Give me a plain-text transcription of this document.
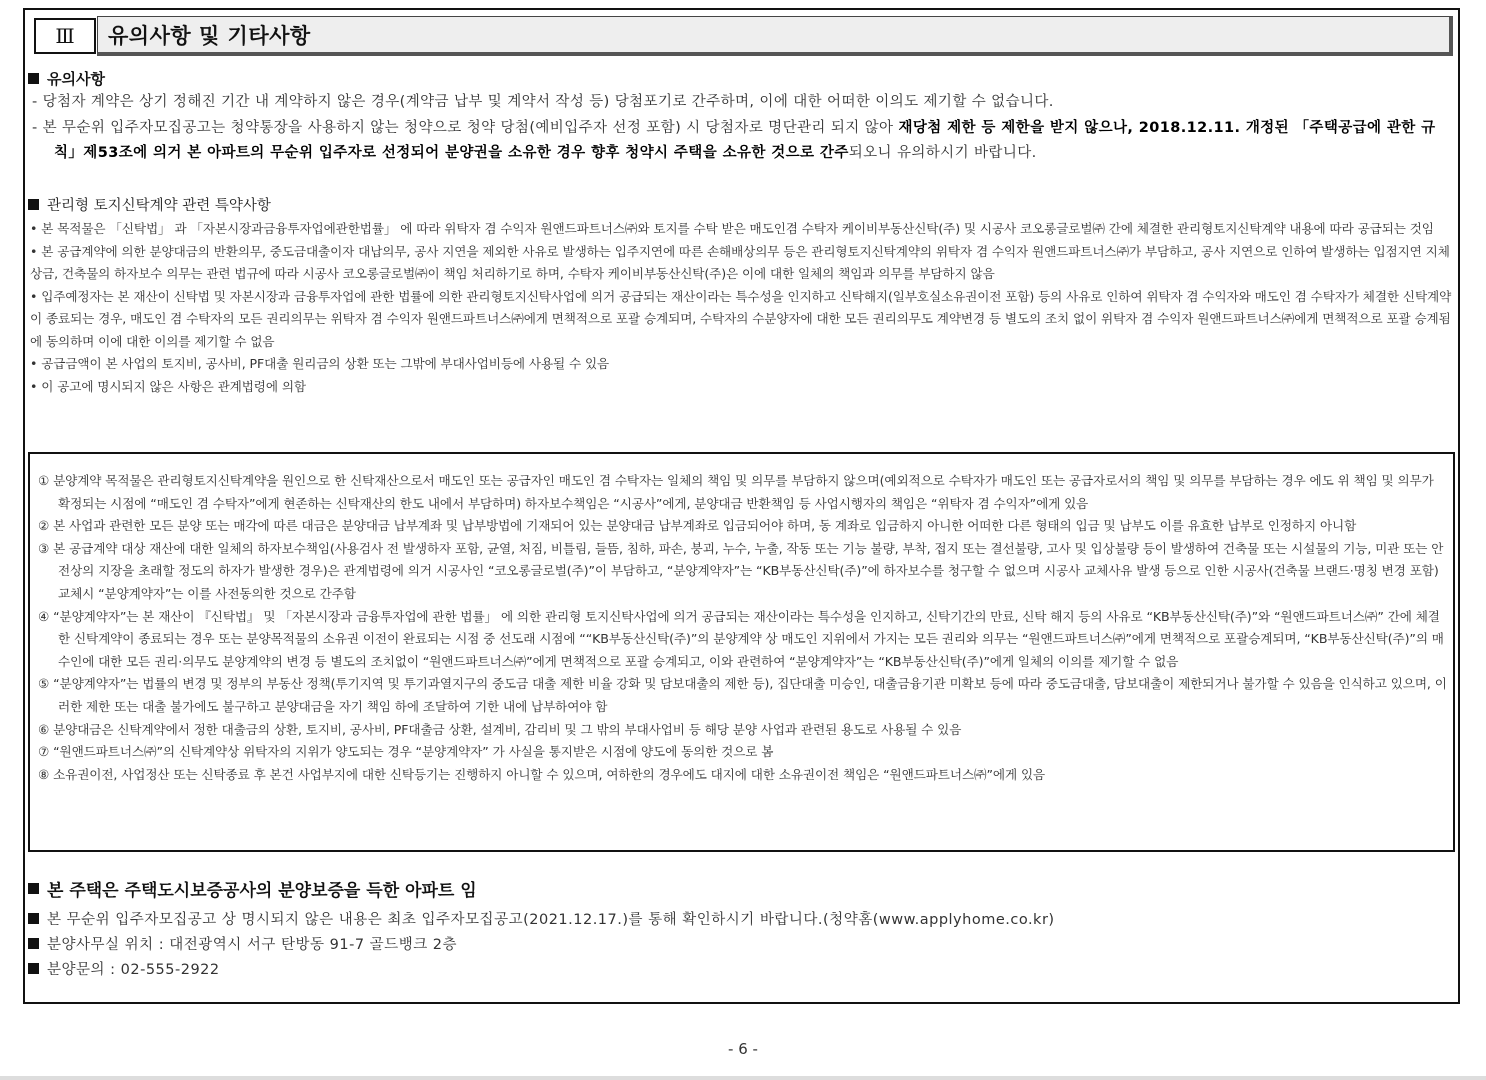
Ⅲ	유의사항 및 기타사항
유의사항
- 당첨자 계약은 상기 정해진 기간 내 계약하지 않은 경우(계약금 납부 및 계약서 작성 등) 당첨포기로 간주하며, 이에 대한 어떠한 이의도 제기할 수 없습니다.
- 본 무순위 입주자모집공고는 청약통장을 사용하지 않는 청약으로 청약 당첨(예비입주자 선정 포함) 시 당첨자로 명단관리 되지 않아 재당첨 제한 등 제한을 받지 않으나, 2018.12.11. 개정된 「주택공급에 관한 규칙」제53조에 의거 본 아파트의 무순위 입주자로 선정되어 분양권을 소유한 경우 향후 청약시 주택을 소유한 것으로 간주되오니 유의하시기 바랍니다.
관리형 토지신탁계약 관련 특약사항
• 본 목적물은 「신탁법」 과 「자본시장과금융투자업에관한법률」 에 따라 위탁자 겸 수익자 원앤드파트너스㈜와 토지를 수탁 받은 매도인겸 수탁자 케이비부동산신탁(주) 및 시공사 코오롱글로벌㈜ 간에 체결한 관리형토지신탁계약 내용에 따라 공급되는 것임
• 본 공급계약에 의한 분양대금의 반환의무, 중도금대출이자 대납의무, 공사 지연을 제외한 사유로 발생하는 입주지연에 따른 손해배상의무 등은 관리형토지신탁계약의 위탁자 겸 수익자 원앤드파트너스㈜가 부담하고, 공사 지연으로 인하여 발생하는 입점지연 지체상금, 건축물의 하자보수 의무는 관련 법규에 따라 시공사 코오롱글로벌㈜이 책임 처리하기로 하며, 수탁자 케이비부동산신탁(주)은 이에 대한 일체의 책임과 의무를 부담하지 않음
• 입주예정자는 본 재산이 신탁법 및 자본시장과 금융투자업에 관한 법률에 의한 관리형토지신탁사업에 의거 공급되는 재산이라는 특수성을 인지하고 신탁해지(일부호실소유권이전 포함) 등의 사유로 인하여 위탁자 겸 수익자와 매도인 겸 수탁자가 체결한 신탁계약이 종료되는 경우, 매도인 겸 수탁자의 모든 권리의무는 위탁자 겸 수익자 원앤드파트너스㈜에게 면책적으로 포괄 승계되며, 수탁자의 수분양자에 대한 모든 권리의무도 계약변경 등 별도의 조치 없이 위탁자 겸 수익자 원앤드파트너스㈜에게 면책적으로 포괄 승계됨에 동의하며 이에 대한 이의를 제기할 수 없음
• 공급금액이 본 사업의 토지비, 공사비, PF대출 원리금의 상환 또는 그밖에 부대사업비등에 사용될 수 있음
• 이 공고에 명시되지 않은 사항은 관계법령에 의함
① 분양계약 목적물은 관리형토지신탁계약을 원인으로 한 신탁재산으로서 매도인 또는 공급자인 매도인 겸 수탁자는 일체의 책임 및 의무를 부담하지 않으며(예외적으로 수탁자가 매도인 또는 공급자로서의 책임 및 의무를 부담하는 경우 에도 위 책임 및 의무가 확정되는 시점에 “매도인 겸 수탁자”에게 현존하는 신탁재산의 한도 내에서 부담하며) 하자보수책임은 “시공사”에게, 분양대금 반환책임 등 사업시행자의 책임은 “위탁자 겸 수익자”에게 있음
② 본 사업과 관련한 모든 분양 또는 매각에 따른 대금은 분양대금 납부계좌 및 납부방법에 기재되어 있는 분양대금 납부계좌로 입금되어야 하며, 동 계좌로 입금하지 아니한 어떠한 다른 형태의 입금 및 납부도 이를 유효한 납부로 인정하지 아니함
③ 본 공급계약 대상 재산에 대한 일체의 하자보수책임(사용검사 전 발생하자 포함, 균열, 처짐, 비틀림, 들뜸, 침하, 파손, 붕괴, 누수, 누출, 작동 또는 기능 불량, 부착, 접지 또는 결선불량, 고사 및 입상불량 등이 발생하여 건축물 또는 시설물의 기능, 미관 또는 안전상의 지장을 초래할 정도의 하자가 발생한 경우)은 관계법령에 의거 시공사인 “코오롱글로벌(주)”이 부담하고, “분양계약자”는 “KB부동산신탁(주)”에 하자보수를 청구할 수 없으며 시공사 교체사유 발생 등으로 인한 시공사(건축물 브랜드·명칭 변경 포함) 교체시 “분양계약자”는 이를 사전동의한 것으로 간주함
④ “분양계약자”는 본 재산이 『신탁법』 및 「자본시장과 금융투자업에 관한 법률」 에 의한 관리형 토지신탁사업에 의거 공급되는 재산이라는 특수성을 인지하고, 신탁기간의 만료, 신탁 해지 등의 사유로 “KB부동산신탁(주)”와 “원앤드파트너스㈜” 간에 체결한 신탁계약이 종료되는 경우 또는 분양목적물의 소유권 이전이 완료되는 시점 중 선도래 시점에 ““KB부동산신탁(주)”의 분양계약 상 매도인 지위에서 가지는 모든 권리와 의무는 “원앤드파트너스㈜”에게 면책적으로 포괄승계되며, “KB부동산신탁(주)”의 매수인에 대한 모든 권리·의무도 분양계약의 변경 등 별도의 조치없이 “원앤드파트너스㈜”에게 면책적으로 포괄 승계되고, 이와 관련하여 “분양계약자”는 “KB부동산신탁(주)”에게 일체의 이의를 제기할 수 없음
⑤ “분양계약자”는 법률의 변경 및 정부의 부동산 정책(투기지역 및 투기과열지구의 중도금 대출 제한 비율 강화 및 담보대출의 제한 등), 집단대출 미승인, 대출금융기관 미확보 등에 따라 중도금대출, 담보대출이 제한되거나 불가할 수 있음을 인식하고 있으며, 이러한 제한 또는 대출 불가에도 불구하고 분양대금을 자기 책임 하에 조달하여 기한 내에 납부하여야 함
⑥ 분양대금은 신탁계약에서 정한 대출금의 상환, 토지비, 공사비, PF대출금 상환, 설계비, 감리비 및 그 밖의 부대사업비 등 해당 분양 사업과 관련된 용도로 사용될 수 있음
⑦ “원앤드파트너스㈜”의 신탁계약상 위탁자의 지위가 양도되는 경우 “분양계약자” 가 사실을 통지받은 시점에 양도에 동의한 것으로 봄
⑧ 소유권이전, 사업정산 또는 신탁종료 후 본건 사업부지에 대한 신탁등기는 진행하지 아니할 수 있으며, 여하한의 경우에도 대지에 대한 소유권이전 책임은 “원앤드파트너스㈜”에게 있음
본 주택은 주택도시보증공사의 분양보증을 득한 아파트 임
본 무순위 입주자모집공고 상 명시되지 않은 내용은 최초 입주자모집공고(2021.12.17.)를 통해 확인하시기 바랍니다.(청약홈(www.applyhome.co.kr)
분양사무실 위치 : 대전광역시 서구 탄방동 91-7 골드뱅크 2층
분양문의 : 02-555-2922
- 6 -
